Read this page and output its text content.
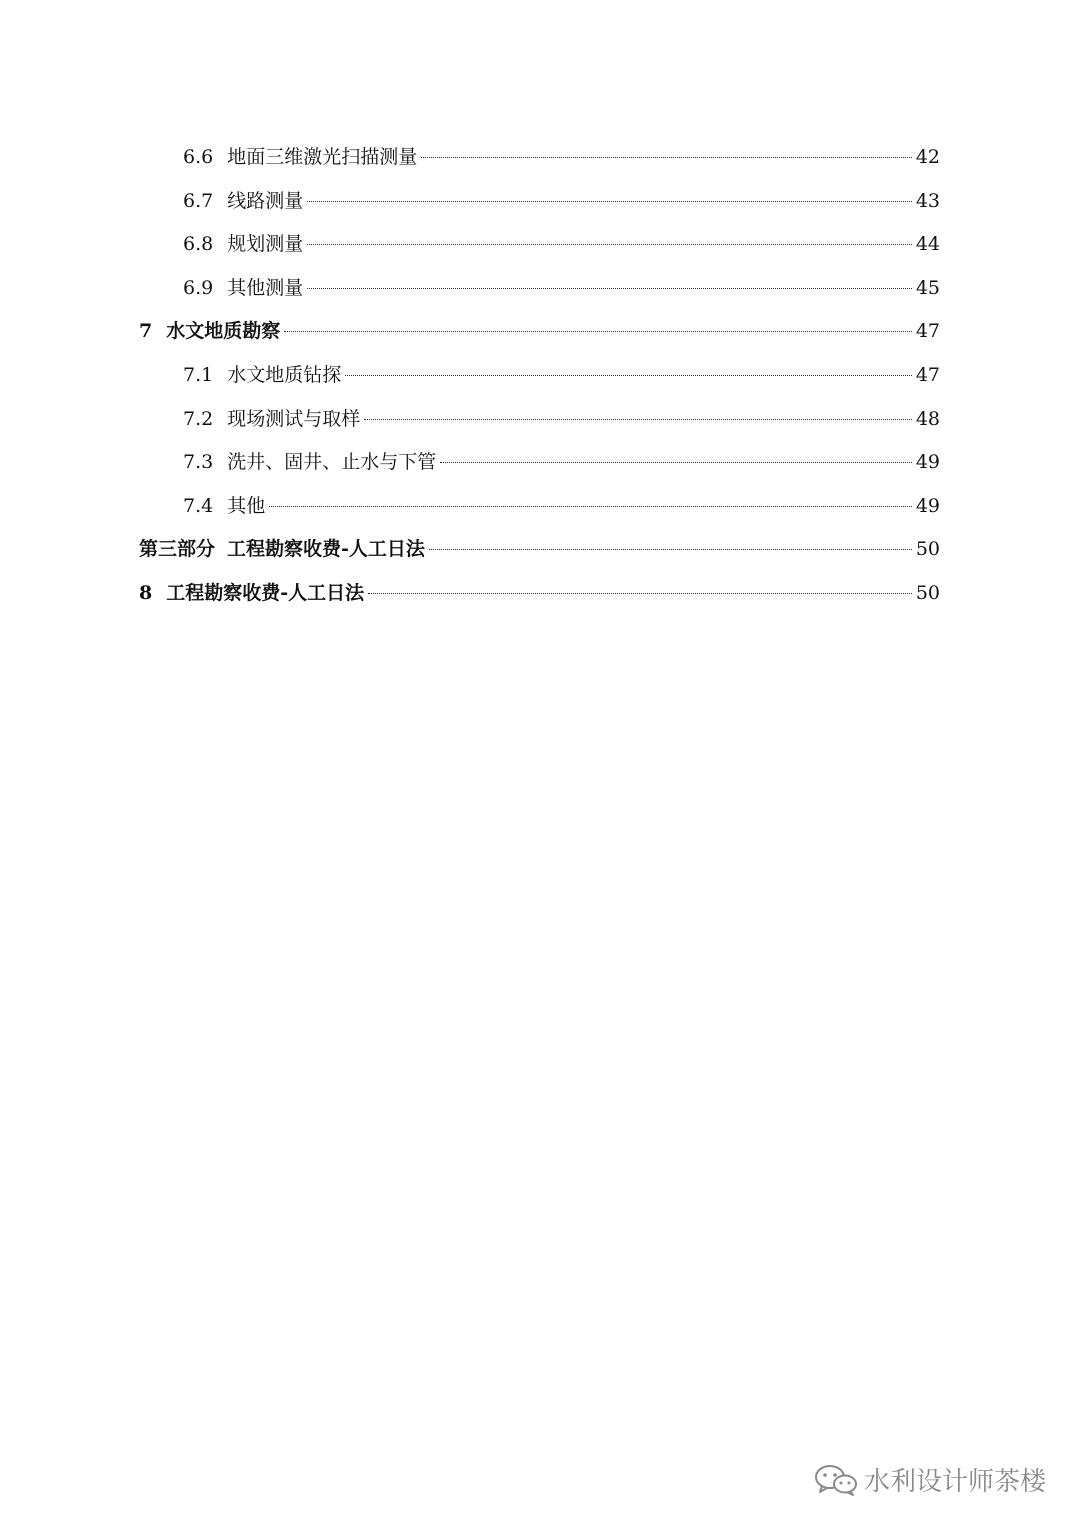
6.6 地面三维激光扫描测量	42
6.7 线路测量	43
6.8 规划测量	44
6.9 其他测量	45
7 水文地质勘察	47
7.1 水文地质钻探	47
7.2 现场测试与取样	48
7.3 洗井、固井、止水与下管	49
7.4 其他	49
第三部分 工程勘察收费-人工日法	50
8 工程勘察收费-人工日法	50
水利设计师茶楼
